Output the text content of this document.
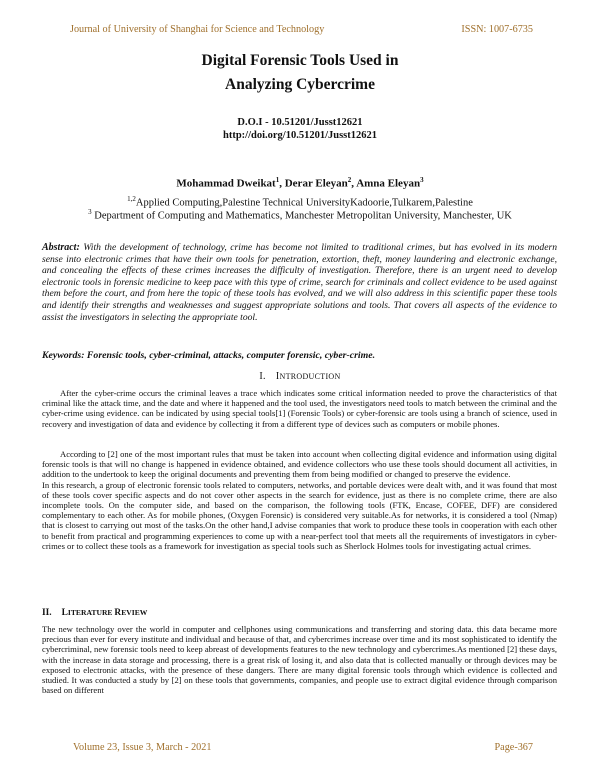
Journal of University of Shanghai for Science and Technology	ISSN: 1007-6735
Digital Forensic Tools Used in
Analyzing Cybercrime
D.O.I - 10.51201/Jusst12621
http://doi.org/10.51201/Jusst12621
Mohammad Dweikat$^1$, Derar Eleyan$^2$, Amna Eleyan$^3$
$^{1,2}$Applied Computing,Palestine Technical UniversityKadoorie,Tulkarem,Palestine
$^3$ Department of Computing and Mathematics, Manchester Metropolitan University, Manchester, UK
Abstract: With the development of technology, crime has become not limited to traditional crimes, but has evolved in its modern sense into electronic crimes that have their own tools for penetration, extortion, theft, money laundering and electronic exchange, and concealing the effects of these crimes increases the difficulty of investigation. Therefore, there is an urgent need to develop electronic tools in forensic medicine to keep pace with this type of crime, search for criminals and collect evidence to be used against them before the court, and from here the topic of these tools has evolved, and we will also address in this scientific paper these tools and identify their strengths and weaknesses and suggest appropriate solutions and tools. That covers all aspects of the evidence to assist the investigators in selecting the appropriate tool.
Keywords: Forensic tools, cyber-criminal, attacks, computer forensic, cyber-crime.
I. INTRODUCTION
After the cyber-crime occurs the criminal leaves a trace which indicates some critical information needed to prove the characteristics of that criminal like the attack time, and the date and where it happened and the tool used, the investigators need tools to match between the criminal and the cyber-crime using evidence. can be indicated by using special tools[1] (Forensic Tools) or cyber-forensic are tools using a branch of science, used in recovery and investigation of data and evidence by collecting it from a different type of devices such as computers or mobile phones.
According to [2] one of the most important rules that must be taken into account when collecting digital evidence and information using digital forensic tools is that will no change is happened in evidence obtained, and evidence collectors who use these tools should document all activities, in addition to the undertook to keep the original documents and preventing them from being modified or changed to preserve the evidence.
In this research, a group of electronic forensic tools related to computers, networks, and portable devices were dealt with, and it was found that most of these tools cover specific aspects and do not cover other aspects in the search for evidence, just as there is no complete crime, there are also incomplete tools. On the computer side, and based on the comparison, the following tools (FTK, Encase, COFEE, DFF) are considered complementary to each other. As for mobile phones, (Oxygen Forensic) is considered very suitable.As for networks, it is considered a tool (Nmap) that is closest to carrying out most of the tasks.On the other hand,I advise companies that work to produce these tools in cooperation with each other to benefit from practical and programming experiences to come up with a near-perfect tool that meets all the requirements of investigators in cyber-crimes or to collect these tools as a framework for investigation as special tools such as Sherlock Holmes tools for investigating actual crimes.
II. LITERATURE REVIEW
The new technology over the world in computer and cellphones using communications and transferring and storing data. this data became more precious than ever for every institute and individual and because of that, and cybercrimes increase over time and its most sophisticated to identify the cybercriminal, new forensic tools need to keep abreast of developments features to the new technology and cybercrimes.As mentioned [2] these days, with the increase in data storage and processing, there is a great risk of losing it, and also data that is collected manually or through devices may be exposed to electronic attacks, with the presence of these dangers. There are many digital forensic tools through which evidence is collected and studied. It was conducted a study by [2] on these tools that governments, companies, and people use to extract digital evidence through comparison based on different
Volume 23, Issue 3, March - 2021	Page-367
